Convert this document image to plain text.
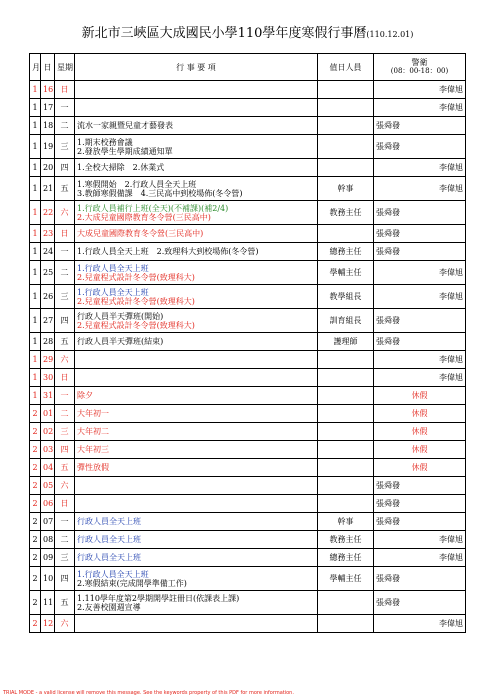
新北市三峽區大成國民小學110學年度寒假行事曆(110.12.01)
月	日	星期	行 事 要 項	值日人員	警衛
(08：00-18：00)

1	16	日			李偉旭
1	17	一			李偉旭
1	18	二	流水一家親暨兒童才藝發表		張舜發
1	19	三	1.期末校務會議
2.發放學生學期成績通知單		張舜發
1	20	四	1.全校大掃除　2.休業式		李偉旭
1	21	五	1.寒假開始　2.行政人員全天上班
3.教師寒假備課　4.三民高中到校場佈(冬令營)	幹事	李偉旭
1	22	六	1.行政人員補行上班(全天)(不補課)(補2/4)
2.大成兒童國際教育冬令營(三民高中)	教務主任	張舜發
1	23	日	大成兒童國際教育冬令營(三民高中)		張舜發
1	24	一	1.行政人員全天上班　2.致理科大到校場佈(冬令營)	總務主任	張舜發
1	25	二	1.行政人員全天上班
2.兒童程式設計冬令營(致理科大)	學輔主任	李偉旭
1	26	三	1.行政人員全天上班
2.兒童程式設計冬令營(致理科大)	教學組長	李偉旭
1	27	四	行政人員半天彈班(開始)
2.兒童程式設計冬令營(致理科大)	訓育組長	張舜發
1	28	五	行政人員半天彈班(結束)	護理師	張舜發
1	29	六			李偉旭
1	30	日			李偉旭
1	31	一	除夕		休假
2	01	二	大年初一		休假
2	02	三	大年初二		休假
2	03	四	大年初三		休假
2	04	五	彈性放假		休假
2	05	六			張舜發
2	06	日			張舜發
2	07	一	行政人員全天上班	幹事	張舜發
2	08	二	行政人員全天上班	教務主任	李偉旭
2	09	三	行政人員全天上班	總務主任	李偉旭
2	10	四	1.行政人員全天上班
2.寒假結束(完成開學準備工作)	學輔主任	張舜發
2	11	五	1.110學年度第2學期開學註冊日(依課表上課)
2.友善校園週宣導		張舜發
2	12	六			李偉旭
TRIAL MODE - a valid license will remove this message. See the keywords property of this PDF for more information.
